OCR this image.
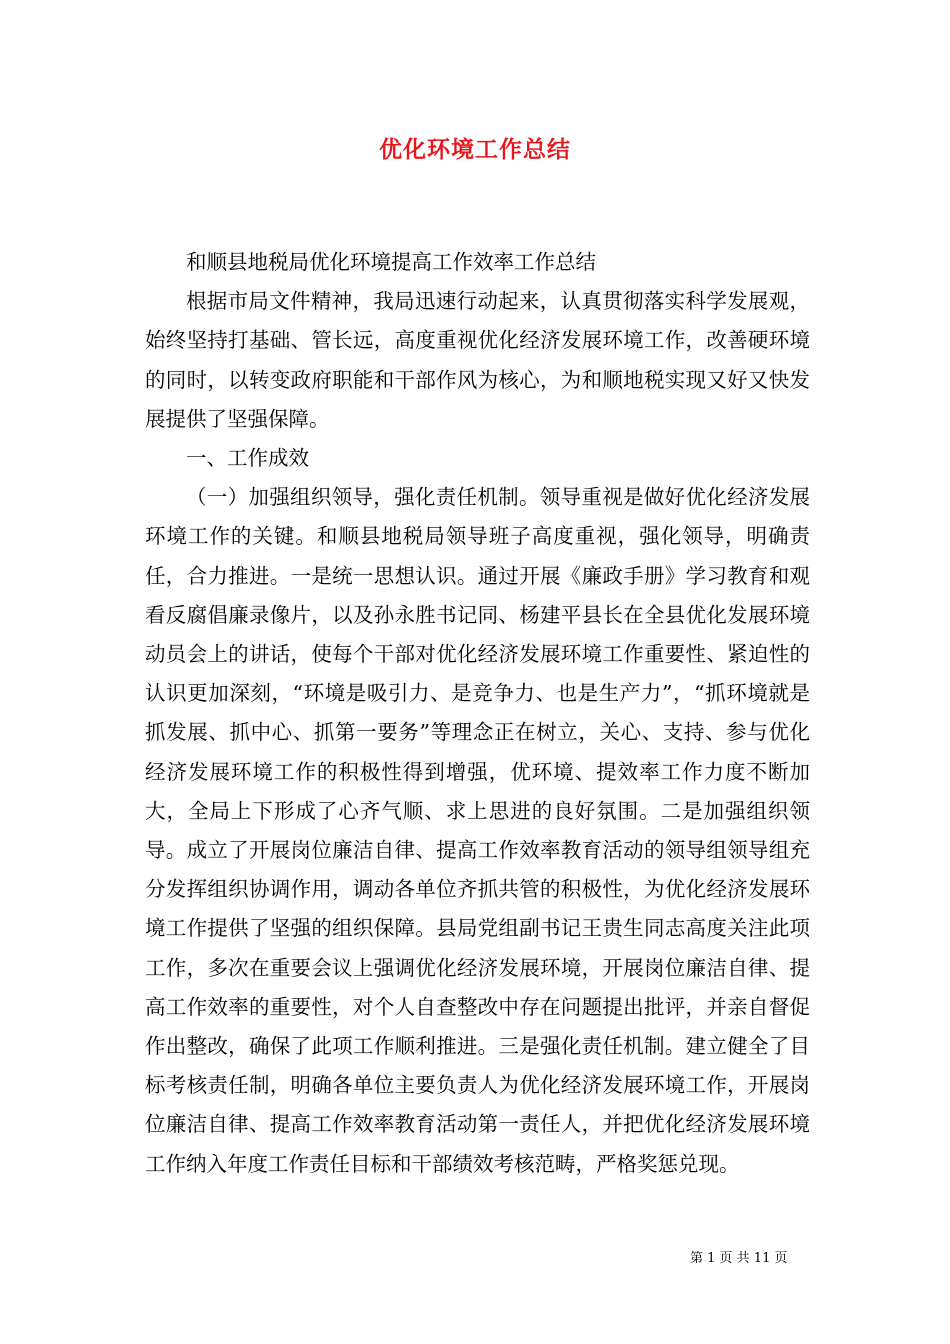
优化环境工作总结

和顺县地税局优化环境提高工作效率工作总结

根据市局文件精神，我局迅速行动起来，认真贯彻落实科学发展观，始终坚持打基础、管长远，高度重视优化经济发展环境工作，改善硬环境的同时，以转变政府职能和干部作风为核心，为和顺地税实现又好又快发展提供了坚强保障。

一、工作成效

（一）加强组织领导，强化责任机制。领导重视是做好优化经济发展环境工作的关键。和顺县地税局领导班子高度重视，强化领导，明确责任，合力推进。一是统一思想认识。通过开展《廉政手册》学习教育和观看反腐倡廉录像片，以及孙永胜书记同、杨建平县长在全县优化发展环境动员会上的讲话，使每个干部对优化经济发展环境工作重要性、紧迫性的认识更加深刻，“环境是吸引力、是竞争力、也是生产力”，“抓环境就是抓发展、抓中心、抓第一要务”等理念正在树立，关心、支持、参与优化经济发展环境工作的积极性得到增强，优环境、提效率工作力度不断加大，全局上下形成了心齐气顺、求上思进的良好氛围。二是加强组织领导。成立了开展岗位廉洁自律、提高工作效率教育活动的领导组领导组充分发挥组织协调作用，调动各单位齐抓共管的积极性，为优化经济发展环境工作提供了坚强的组织保障。县局党组副书记王贵生同志高度关注此项工作，多次在重要会议上强调优化经济发展环境，开展岗位廉洁自律、提高工作效率的重要性，对个人自查整改中存在问题提出批评，并亲自督促作出整改，确保了此项工作顺利推进。三是强化责任机制。建立健全了目标考核责任制，明确各单位主要负责人为优化经济发展环境工作，开展岗位廉洁自律、提高工作效率教育活动第一责任人，并把优化经济发展环境工作纳入年度工作责任目标和干部绩效考核范畴，严格奖惩兑现。

第 1 页 共 11 页
